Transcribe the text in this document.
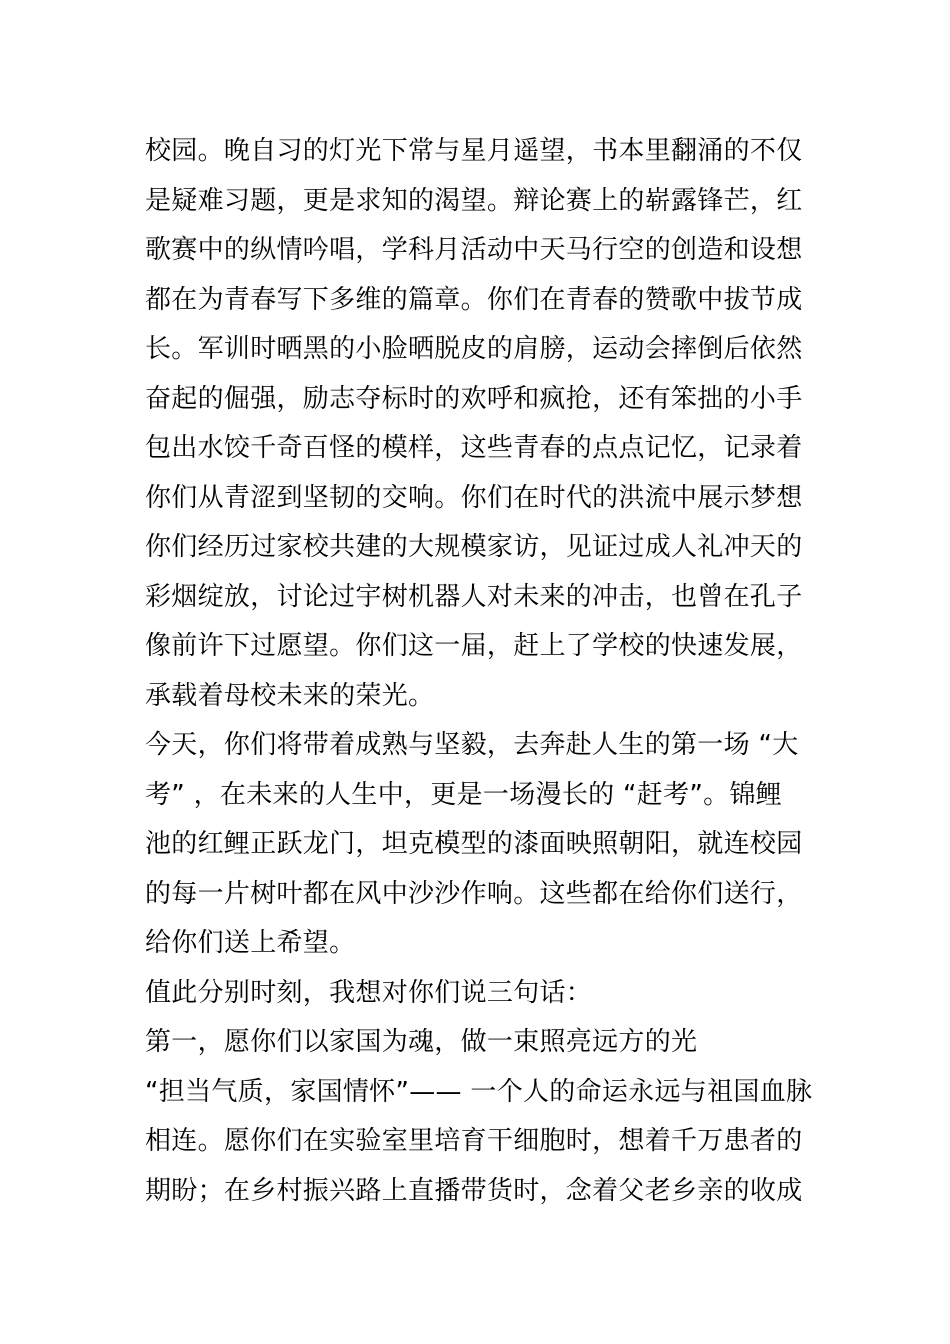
校园。晚自习的灯光下常与星月遥望，书本里翻涌的不仅
是疑难习题，更是求知的渴望。辩论赛上的崭露锋芒，红
歌赛中的纵情吟唱，学科月活动中天马行空的创造和设想
都在为青春写下多维的篇章。你们在青春的赞歌中拔节成
长。军训时晒黑的小脸晒脱皮的肩膀，运动会摔倒后依然
奋起的倔强，励志夺标时的欢呼和疯抢，还有笨拙的小手
包出水饺千奇百怪的模样，这些青春的点点记忆，记录着
你们从青涩到坚韧的交响。你们在时代的洪流中展示梦想
你们经历过家校共建的大规模家访，见证过成人礼冲天的
彩烟绽放，讨论过宇树机器人对未来的冲击，也曾在孔子
像前许下过愿望。你们这一届，赶上了学校的快速发展，
承载着母校未来的荣光。
今天，你们将带着成熟与坚毅，去奔赴人生的第一场 “大
考” ，在未来的人生中，更是一场漫长的 “赶考”。锦鲤
池的红鲤正跃龙门，坦克模型的漆面映照朝阳，就连校园
的每一片树叶都在风中沙沙作响。这些都在给你们送行，
给你们送上希望。
值此分别时刻，我想对你们说三句话：
第一，愿你们以家国为魂，做一束照亮远方的光
“担当气质，家国情怀”—— 一个人的命运永远与祖国血脉
相连。愿你们在实验室里培育干细胞时，想着千万患者的
期盼；在乡村振兴路上直播带货时，念着父老乡亲的收成
